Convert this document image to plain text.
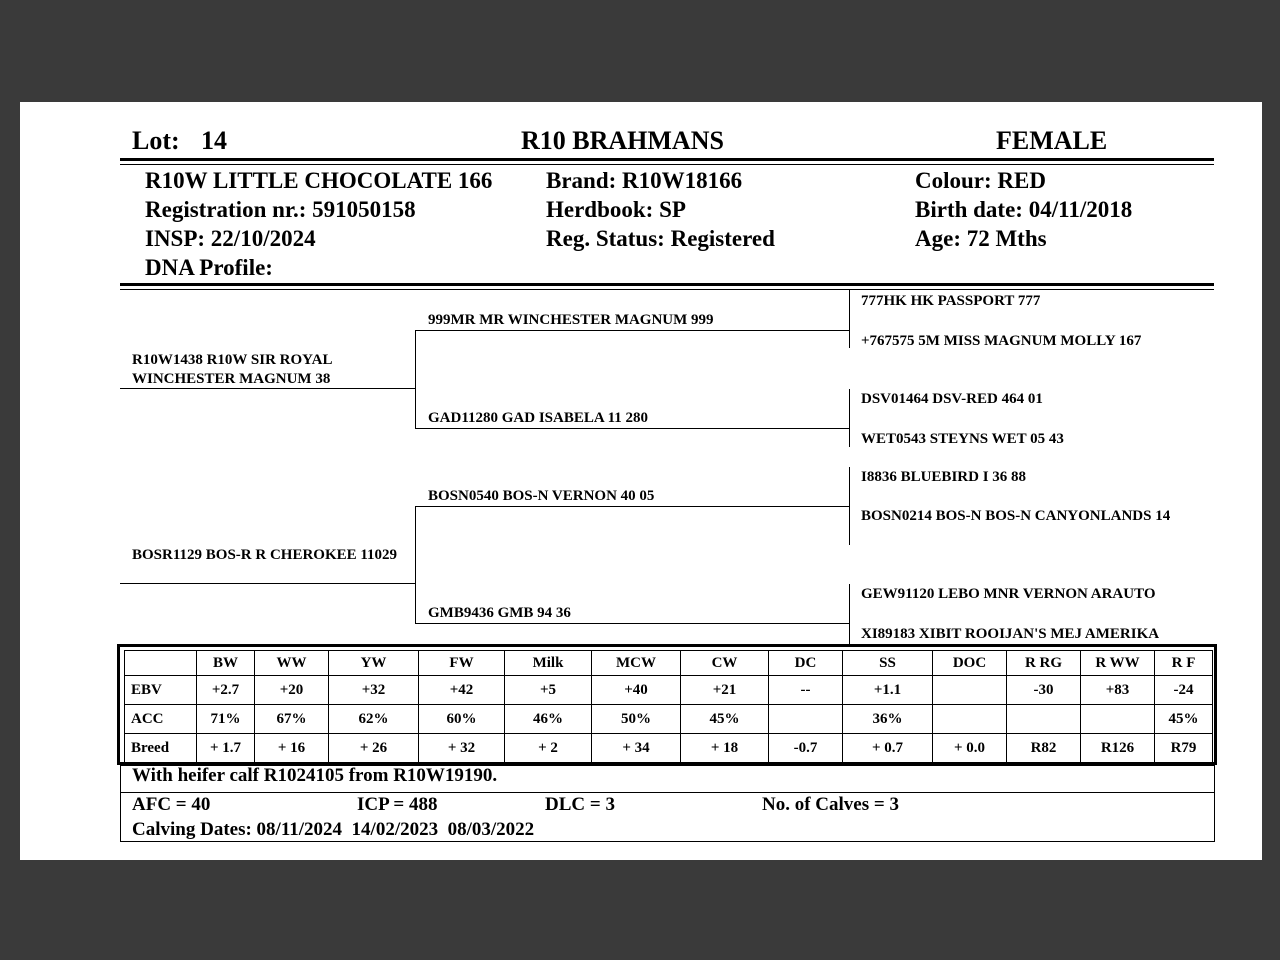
Lot: 14	R10 BRAHMANS	FEMALE
R10W LITTLE CHOCOLATE 166
Registration nr.: 591050158
INSP: 22/10/2024
DNA Profile:
Brand: R10W18166
Herdbook: SP
Reg. Status: Registered
Colour: RED
Birth date: 04/11/2018
Age: 72 Mths
R10W1438 R10W SIR ROYAL WINCHESTER MAGNUM 38
BOSR1129 BOS-R R CHEROKEE 11029
999MR MR WINCHESTER MAGNUM 999
GAD11280 GAD ISABELA 11 280
BOSN0540 BOS-N VERNON 40 05
GMB9436 GMB 94 36
777HK HK PASSPORT 777
+767575 5M MISS MAGNUM MOLLY 167
DSV01464 DSV-RED 464 01
WET0543 STEYNS WET 05 43
I8836 BLUEBIRD I 36 88
BOSN0214 BOS-N BOS-N CANYONLANDS 14
GEW91120 LEBO MNR VERNON ARAUTO
XI89183 XIBIT ROOIJAN'S MEJ AMERIKA
	BW	WW	YW	FW	Milk	MCW	CW	DC	SS	DOC	R RG	R WW	R F
EBV	+2.7	+20	+32	+42	+5	+40	+21	--	+1.1		-30	+83	-24
ACC	71%	67%	62%	60%	46%	50%	45%		36%				45%
Breed	+ 1.7	+ 16	+ 26	+ 32	+ 2	+ 34	+ 18	-0.7	+ 0.7	+ 0.0	R82	R126	R79
With heifer calf R1024105 from R10W19190.
AFC = 40	ICP = 488	DLC = 3	No. of Calves = 3
Calving Dates: 08/11/2024  14/02/2023  08/03/2022
